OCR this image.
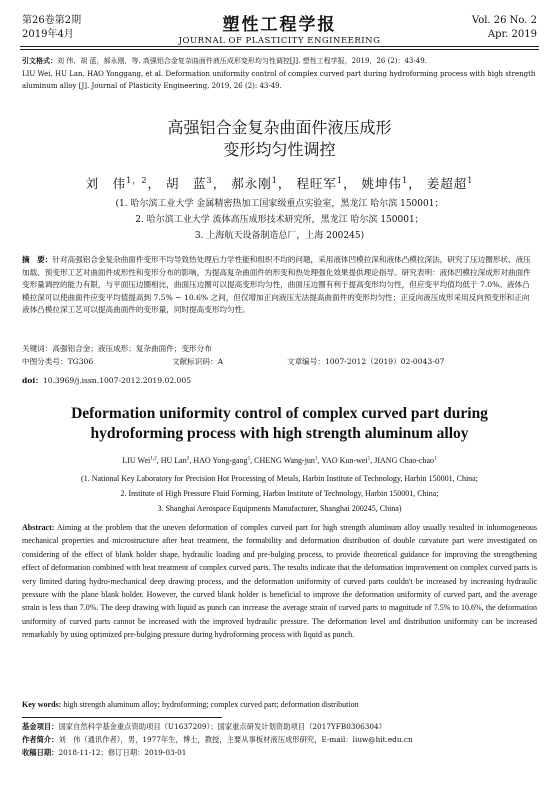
第26卷第2期
2019年4月	塑性工程学报
JOURNAL OF PLASTICITY ENGINEERING
Vol. 26 No. 2
Apr. 2019
引文格式：刘 伟，胡 蓝，郝永刚，等. 高强铝合金复杂曲面件液压成形变形均匀性调控[J]. 塑性工程学报，2019，26 (2)：43-49.
LIU Wei, HU Lan, HAO Yonggang, et al. Deformation uniformity control of complex curved part during hydroforming process with high strength aluminum alloy [J]. Journal of Plasticity Engineering, 2019, 26 (2): 43-49.
高强铝合金复杂曲面件液压成形
变形均匀性调控
刘　伟$^{1,2}$， 胡　蓝$^3$， 郝永刚$^1$， 程旺军$^1$， 姚坤伟$^1$， 姜超超$^1$
(1. 哈尔滨工业大学 金属精密热加工国家级重点实验室，黑龙江 哈尔滨 150001；
2. 哈尔滨工业大学 流体高压成形技术研究所，黑龙江 哈尔滨 150001；
3. 上海航天设备制造总厂，上海 200245)
摘　要：针对高强铝合金复杂曲面件变形不均导致热处理后力学性能和组织不均的问题，采用液体凹模拉深和液体凸模拉深法，研究了压边圈形状、液压加载、预变形工艺对曲面件成形性和变形分布的影响，为提高复杂曲面件的形变和热处理强化效果提供理论指导。研究表明：液体凹模拉深成形对曲面件变形量调控的能力有限，与平面压边圈相比，曲面压边圈可以提高变形均匀性，曲面压边圈有利于提高变形均匀性，但应变平均值均低于 7.0%。液体凸模拉深可以使曲面件应变平均值提高到 7.5% ~ 10.6% 之间，但仅增加正向液压无法提高曲面件的变形均匀性；正反向液压成形采用反向预变形和正向液体凸模拉深工艺可以提高曲面件的变形量，同时提高变形均匀性。
关键词：高强铝合金；液压成形；复杂曲面件；变形分布
中图分类号：TG306	文献标识码：A	文章编号：1007-2012（2019）02-0043-07
doi：10.3969/j.issn.1007-2012.2019.02.005
Deformation uniformity control of complex curved part during
hydroforming process with high strength aluminum alloy
LIU Wei$^{1,2}$, HU Lan$^3$, HAO Yong-gang$^1$, CHENG Wang-jun$^1$, YAO Kun-wei$^1$, JIANG Chao-chao$^1$
(1. National Key Laboratory for Precision Hot Processing of Metals, Harbin Institute of Technology, Harbin 150001, China;
2. Institute of High Pressure Fluid Forming, Harbin Institute of Technology, Harbin 150001, China;
3. Shanghai Aerospace Equipments Manufacturer, Shanghai 200245, China)
Abstract: Aiming at the problem that the uneven deformation of complex curved part for high strength aluminum alloy usually resulted in inhomogeneous mechanical properties and microstructure after heat treatment, the formability and deformation distribution of double curvature part were investigated on considering of the effect of blank holder shape, hydraulic loading and pre-bulging process, to provide theoretical guidance for improving the strengthening effect of deformation combined with heat treatment of complex curved parts. The results indicate that the deformation improvement on complex curved parts is very limited during hydro-mechanical deep drawing process, and the deformation uniformity of curved parts couldn't be increased by increasing hydraulic pressure with the plane blank holder. However, the curved blank holder is beneficial to improve the deformation uniformity of curved part, and the average strain is less than 7.0%. The deep drawing with liquid as punch can increase the average strain of curved parts to magnitude of 7.5% to 10.6%, the deformation uniformity of curved parts cannot be increased with the improved hydraulic pressure. The deformation level and distribution uniformity can be increased remarkably by using optimized pre-bulging pressure during hydroforming process with liquid as punch.
Key words: high strength aluminum alloy; hydroforming; complex curved part; deformation distribution
基金项目：国家自然科学基金重点资助项目（U1637209）；国家重点研发计划资助项目（2017YFB0306304）
作者简介：刘　伟（通讯作者），男，1977年生，博士，教授，主要从事板材液压成形研究，E-mail：liuw@hit.edu.cn
收稿日期：2018-11-12；修订日期：2019-03-01
